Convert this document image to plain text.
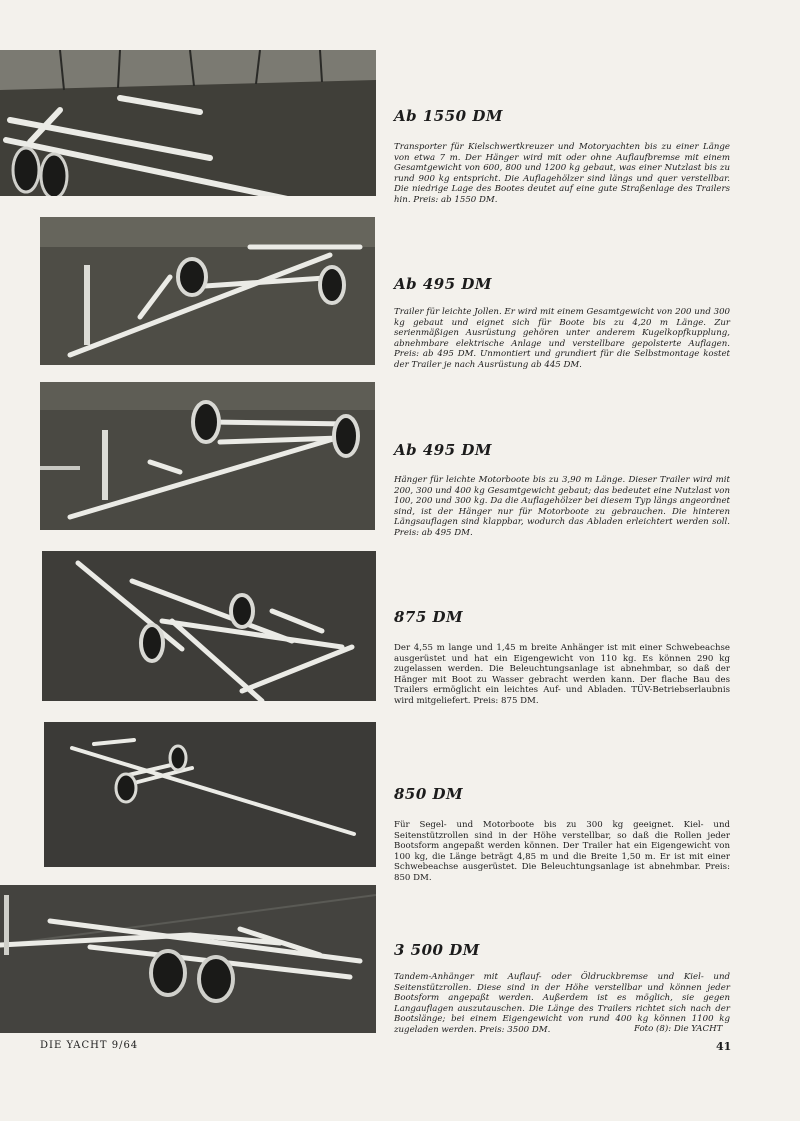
Ab 1550 DM

Transporter für Kielschwertkreuzer und Motoryachten bis zu einer Länge von etwa 7 m. Der Hänger wird mit oder ohne Auflaufbremse mit einem Gesamtgewicht von 600, 800 und 1200 kg gebaut, was einer Nutzlast bis zu rund 900 kg entspricht. Die Auflagehölzer sind längs und quer verstellbar. Die niedrige Lage des Bootes deutet auf eine gute Straßenlage des Trailers hin. Preis: ab 1550 DM.

Ab 495 DM

Trailer für leichte Jollen. Er wird mit einem Gesamtgewicht von 200 und 300 kg gebaut und eignet sich für Boote bis zu 4,20 m Länge. Zur serienmäßigen Ausrüstung gehören unter anderem Kugelkopfkupplung, abnehmbare elektrische Anlage und verstellbare gepolsterte Auflagen. Preis: ab 495 DM. Unmontiert und grundiert für die Selbstmontage kostet der Trailer je nach Ausrüstung ab 445 DM.

Ab 495 DM

Hänger für leichte Motorboote bis zu 3,90 m Länge. Dieser Trailer wird mit 200, 300 und 400 kg Gesamtgewicht gebaut; das bedeutet eine Nutzlast von 100, 200 und 300 kg. Da die Auflagehölzer bei diesem Typ längs angeordnet sind, ist der Hänger nur für Motorboote zu gebrauchen. Die hinteren Längsauflagen sind klappbar, wodurch das Abladen erleichtert werden soll. Preis: ab 495 DM.

875 DM

Der 4,55 m lange und 1,45 m breite Anhänger ist mit einer Schwebeachse ausgerüstet und hat ein Eigengewicht von 110 kg. Es können 290 kg zugelassen werden. Die Beleuchtungsanlage ist abnehmbar, so daß der Hänger mit Boot zu Wasser gebracht werden kann. Der flache Bau des Trailers ermöglicht ein leichtes Auf- und Abladen. TÜV-Betriebserlaubnis wird mitgeliefert. Preis: 875 DM.

850 DM

Für Segel- und Motorboote bis zu 300 kg geeignet. Kiel- und Seitenstützrollen sind in der Höhe verstellbar, so daß die Rollen jeder Bootsform angepaßt werden können. Der Trailer hat ein Eigengewicht von 100 kg, die Länge beträgt 4,85 m und die Breite 1,50 m. Er ist mit einer Schwebeachse ausgerüstet. Die Beleuchtungsanlage ist abnehmbar. Preis: 850 DM.

3 500 DM

Tandem-Anhänger mit Auflauf- oder Öldruckbremse und Kiel- und Seitenstützrollen. Diese sind in der Höhe verstellbar und können jeder Bootsform angepaßt werden. Außerdem ist es möglich, sie gegen Langauflagen auszutauschen. Die Länge des Trailers richtet sich nach der Bootslänge; bei einem Eigengewicht von rund 400 kg können 1100 kg zugeladen werden. Preis: 3500 DM.	Foto (8): Die YACHT
DIE YACHT 9/64	41
